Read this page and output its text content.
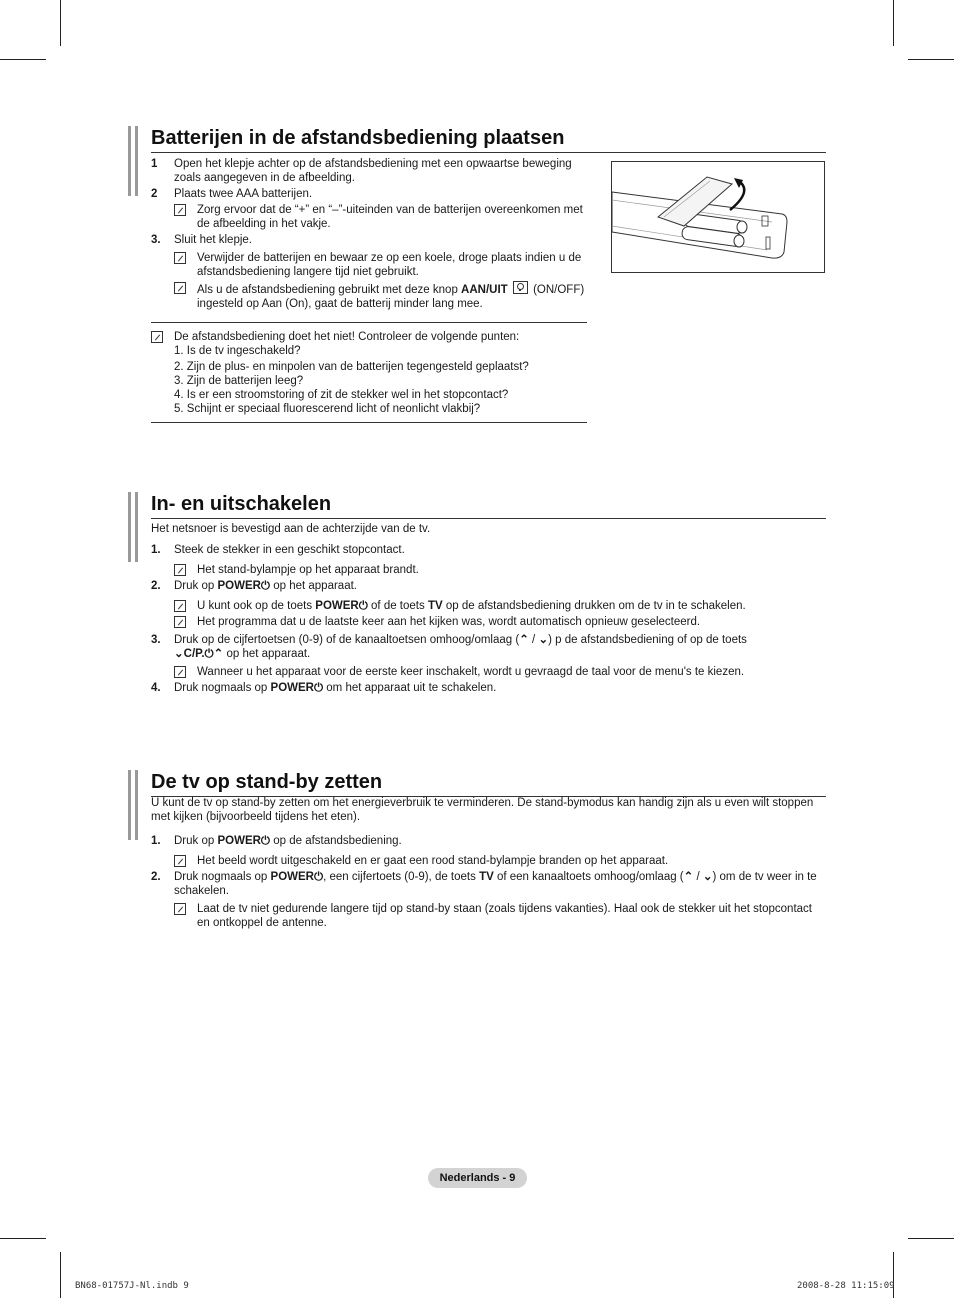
Batterijen in de afstandsbediening plaatsen
1 Open het klepje achter op de afstandsbediening met een opwaartse beweging zoals aangegeven in de afbeelding.
2 Plaats twee AAA batterijen.
Zorg ervoor dat de “+” en “–”-uiteinden van de batterijen overeenkomen met de afbeelding in het vakje.
3. Sluit het klepje.
Verwijder de batterijen en bewaar ze op een koele, droge plaats indien u de afstandsbediening langere tijd niet gebruikt.
Als u de afstandsbediening gebruikt met deze knop AAN/UIT
(ON/OFF) ingesteld op Aan (On), gaat de batterij minder lang mee.
De afstandsbediening doet het niet! Controleer de volgende punten:
1. Is de tv ingeschakeld?
2. Zijn de plus- en minpolen van de batterijen tegengesteld geplaatst?
3. Zijn de batterijen leeg?
4. Is er een stroomstoring of zit de stekker wel in het stopcontact?
5. Schijnt er speciaal fluorescerend licht of neonlicht vlakbij?
In- en uitschakelen
Het netsnoer is bevestigd aan de achterzijde van de tv.
1. Steek de stekker in een geschikt stopcontact.
Het stand-bylampje op het apparaat brandt.
2. Druk op POWER⏻ op het apparaat.
U kunt ook op de toets POWER⏻ of de toets TV op de afstandsbediening drukken om de tv in te schakelen.
Het programma dat u de laatste keer aan het kijken was, wordt automatisch opnieuw geselecteerd.
3. Druk op de cijfertoetsen (0-9) of de kanaaltoetsen omhoog/omlaag (⌃ / ⌄) p de afstandsbediening of op de toets
⌄C/P.⏻⌃ op het apparaat.
Wanneer u het apparaat voor de eerste keer inschakelt, wordt u gevraagd de taal voor de menu's te kiezen.
4. Druk nogmaals op POWER⏻ om het apparaat uit te schakelen.
De tv op stand-by zetten
U kunt de tv op stand-by zetten om het energieverbruik te verminderen. De stand-bymodus kan handig zijn als u even wilt stoppen met kijken (bijvoorbeeld tijdens het eten).
1. Druk op POWER⏻ op de afstandsbediening.
Het beeld wordt uitgeschakeld en er gaat een rood stand-bylampje branden op het apparaat.
2. Druk nogmaals op POWER⏻, een cijfertoets (0-9), de toets TV of een kanaaltoets omhoog/omlaag (⌃ / ⌄) om de tv weer in te schakelen.
Laat de tv niet gedurende langere tijd op stand-by staan (zoals tijdens vakanties). Haal ook de stekker uit het stopcontact en ontkoppel de antenne.
Nederlands - 9
BN68-01757J-Nl.indb 9	2008-8-28 11:15:09
